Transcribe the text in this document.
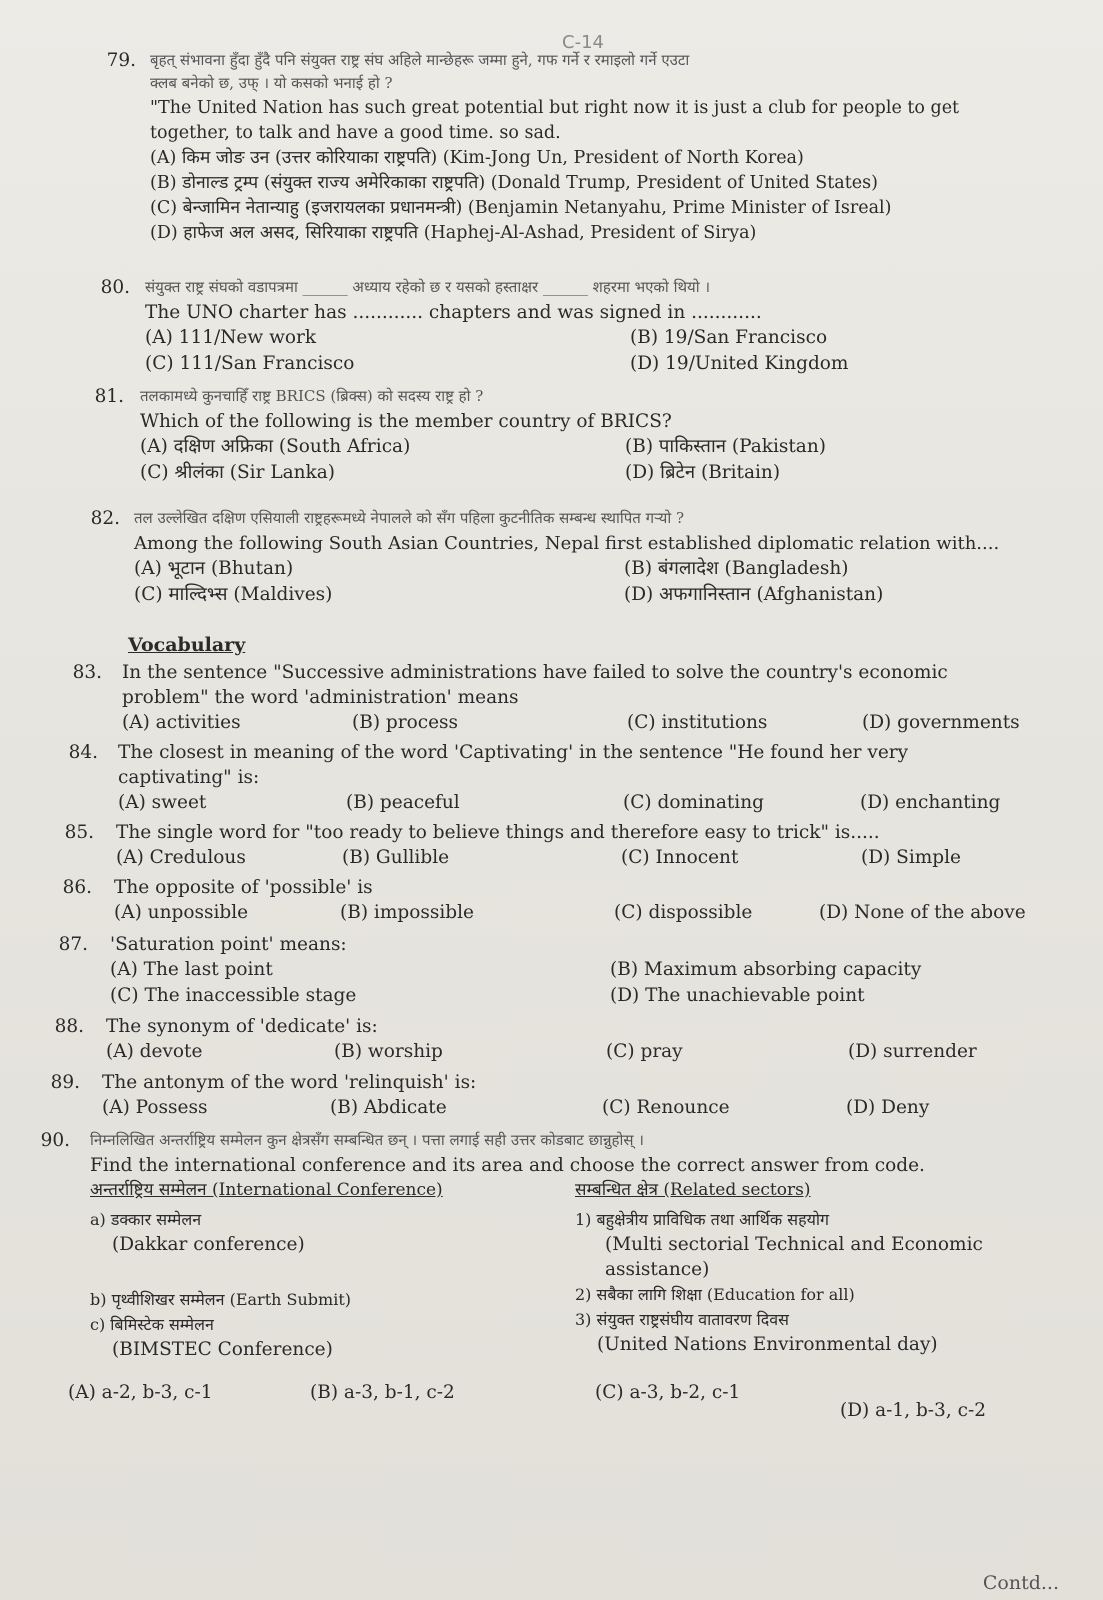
C-14
79. बृहत् संभावना हुँदा हुँदै पनि संयुक्त राष्ट्र संघ अहिले मान्छेहरू जम्मा हुने, गफ गर्ने र रमाइलो गर्ने एउटा
क्लब बनेको छ, उफ् । यो कसको भनाई हो ?
"The United Nation has such great potential but right now it is just a club for people to get
together, to talk and have a good time. so sad.
(A) किम जोङ उन (उत्तर कोरियाका राष्ट्रपति) (Kim-Jong Un, President of North Korea)
(B) डोनाल्ड ट्रम्प (संयुक्त राज्य अमेरिकाका राष्ट्रपति) (Donald Trump, President of United States)
(C) बेन्जामिन नेतान्याहु (इजरायलका प्रधानमन्त्री) (Benjamin Netanyahu, Prime Minister of Isreal)
(D) हाफेज अल असद, सिरियाका राष्ट्रपति (Haphej-Al-Ashad, President of Sirya)
80. संयुक्त राष्ट्र संघको वडापत्रमा ______ अध्याय रहेको छ र यसको हस्ताक्षर ______ शहरमा भएको थियो ।
The UNO charter has ............ chapters and was signed in ............
(A) 111/New work	(B) 19/San Francisco
(C) 111/San Francisco	(D) 19/United Kingdom
81. तलकामध्ये कुनचाहिँ राष्ट्र BRICS (ब्रिक्स) को सदस्य राष्ट्र हो ?
Which of the following is the member country of BRICS?
(A) दक्षिण अफ्रिका (South Africa)	(B) पाकिस्तान (Pakistan)
(C) श्रीलंका (Sir Lanka)	(D) ब्रिटेन (Britain)
82. तल उल्लेखित दक्षिण एसियाली राष्ट्रहरूमध्ये नेपालले को सँग पहिला कुटनीतिक सम्बन्ध स्थापित गर्‍यो ?
Among the following South Asian Countries, Nepal first established diplomatic relation with....
(A) भूटान (Bhutan)	(B) बंगलादेश (Bangladesh)
(C) माल्दिभ्स (Maldives)	(D) अफगानिस्तान (Afghanistan)
Vocabulary
83. In the sentence "Successive administrations have failed to solve the country's economic
problem" the word 'administration' means
(A) activities	(B) process	(C) institutions	(D) governments
84. The closest in meaning of the word 'Captivating' in the sentence "He found her very
captivating" is:
(A) sweet	(B) peaceful	(C) dominating	(D) enchanting
85. The single word for "too ready to believe things and therefore easy to trick" is.....
(A) Credulous	(B) Gullible	(C) Innocent	(D) Simple
86. The opposite of 'possible' is
(A) unpossible	(B) impossible	(C) dispossible	(D) None of the above
87. 'Saturation point' means:
(A) The last point	(B) Maximum absorbing capacity
(C) The inaccessible stage	(D) The unachievable point
88. The synonym of 'dedicate' is:
(A) devote	(B) worship	(C) pray	(D) surrender
89. The antonym of the word 'relinquish' is:
(A) Possess	(B) Abdicate	(C) Renounce	(D) Deny
90. निम्नलिखित अन्तर्राष्ट्रिय सम्मेलन कुन क्षेत्रसँग सम्बन्धित छन् । पत्ता लगाई सही उत्तर कोडबाट छान्नुहोस् ।
Find the international conference and its area and choose the correct answer from code.
अन्तर्राष्ट्रिय सम्मेलन (International Conference)
a) डक्कार सम्मेलन
(Dakkar conference)
b) पृथ्वीशिखर सम्मेलन (Earth Submit)
c) बिमिस्टेक सम्मेलन
(BIMSTEC Conference)
सम्बन्धित क्षेत्र (Related sectors)
1) बहुक्षेत्रीय प्राविधिक तथा आर्थिक सहयोग
(Multi sectorial Technical and Economic
assistance)
2) सबैका लागि शिक्षा (Education for all)
3) संयुक्त राष्ट्रसंघीय वातावरण दिवस
(United Nations Environmental day)
(A) a-2, b-3, c-1	(B) a-3, b-1, c-2	(C) a-3, b-2, c-1
(D) a-1, b-3, c-2
Contd...
